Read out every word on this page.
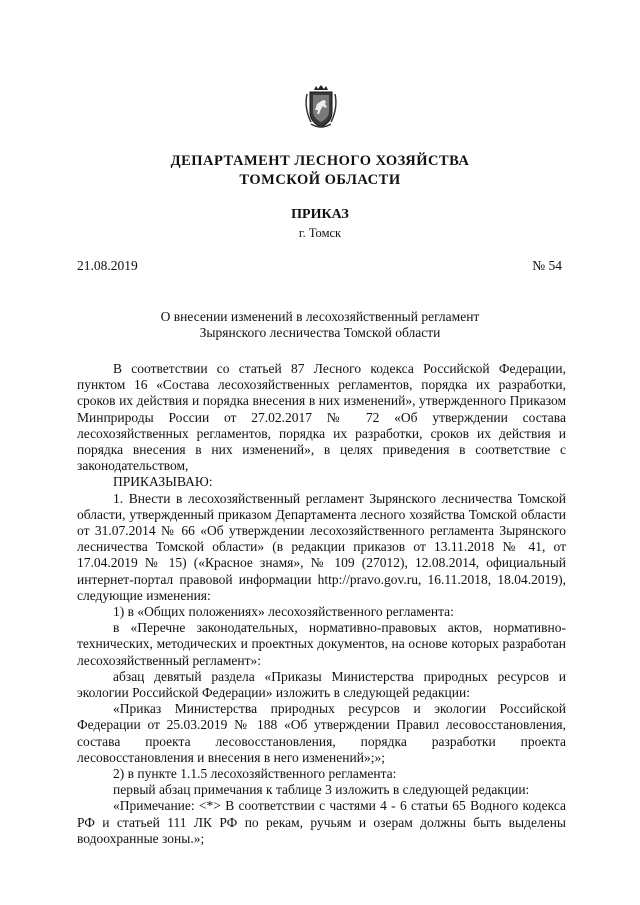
ДЕПАРТАМЕНТ ЛЕСНОГО ХОЗЯЙСТВА
ТОМСКОЙ ОБЛАСТИ
ПРИКАЗ
г. Томск
21.08.2019	№ 54
О внесении изменений в лесохозяйственный регламент
Зырянского лесничества Томской области

В соответствии со статьей 87 Лесного кодекса Российской Федерации, пунктом 16 «Состава лесохозяйственных регламентов, порядка их разработки, сроков их действия и порядка внесения в них изменений», утвержденного Приказом Минприроды России от 27.02.2017 № 72 «Об утверждении состава лесохозяйственных регламентов, порядка их разработки, сроков их действия и порядка внесения в них изменений», в целях приведения в соответствие с законодательством,

ПРИКАЗЫВАЮ:

1. Внести в лесохозяйственный регламент Зырянского лесничества Томской области, утвержденный приказом Департамента лесного хозяйства Томской области от 31.07.2014 № 66 «Об утверждении лесохозяйственного регламента Зырянского лесничества Томской области» (в редакции приказов от 13.11.2018 № 41, от 17.04.2019 № 15) («Красное знамя», № 109 (27012), 12.08.2014, официальный интернет-портал правовой информации http://pravo.gov.ru, 16.11.2018, 18.04.2019), следующие изменения:

1) в «Общих положениях» лесохозяйственного регламента:

в «Перечне законодательных, нормативно-правовых актов, нормативно-технических, методических и проектных документов, на основе которых разработан лесохозяйственный регламент»:

абзац девятый раздела «Приказы Министерства природных ресурсов и экологии Российской Федерации» изложить в следующей редакции:

«Приказ Министерства природных ресурсов и экологии Российской Федерации от 25.03.2019 № 188 «Об утверждении Правил лесовосстановления, состава проекта лесовосстановления, порядка разработки проекта лесовосстановления и внесения в него изменений»;»;

2) в пункте 1.1.5 лесохозяйственного регламента:

первый абзац примечания к таблице 3 изложить в следующей редакции:

«Примечание: <*> В соответствии с частями 4 - 6 статьи 65 Водного кодекса РФ и статьей 111 ЛК РФ по рекам, ручьям и озерам должны быть выделены водоохранные зоны.»;
